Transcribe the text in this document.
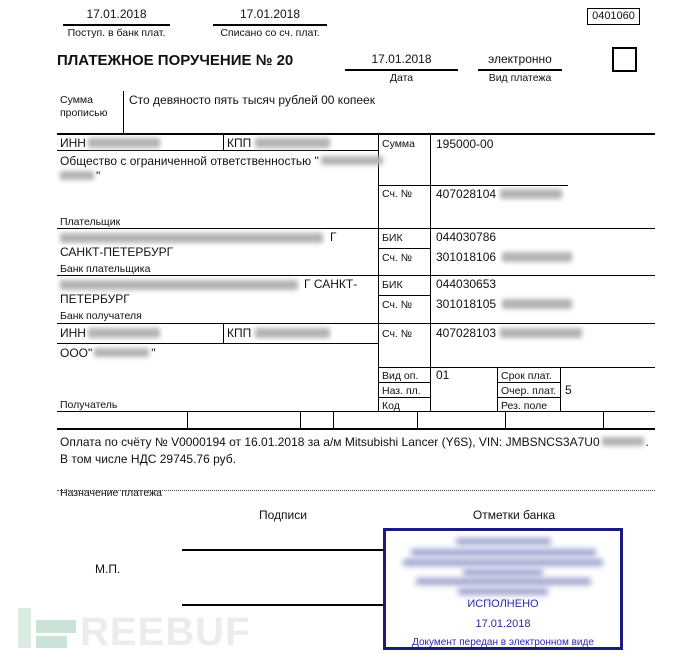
17.01.2018
Поступ. в банк плат.
17.01.2018
Списано со сч. плат.
0401060
ПЛАТЕЖНОЕ ПОРУЧЕНИЕ № 20	17.01.2018
Дата
электронно
Вид платежа
Сумма
прописью
Сто девяносто пять тысяч рублей 00 копеек
ИНН	КПП
Общество с ограниченной ответственностью "
"
Плательщик
Сумма 195000-00
Сч. № 407028104
Г
САНКТ-ПЕТЕРБУРГ
Банк плательщика
БИК	044030786
Сч. № 301018106
Г САНКТ-
ПЕТЕРБУРГ
Банк получателя
БИК	044030653
Сч. № 301018105
ИНН	КПП
ООО"	"
Сч. № 407028103
Получатель
Вид оп. 01	Срок плат.
Наз. пл.	Очер. плат. 5
Код	Рез. поле
Оплата по счёту № V0000194 от 16.01.2018 за а/м Mitsubishi Lancer (Y6S), VIN: JMBSNCS3A7U0	. В том числе НДС 29745.76 руб.
Назначение платежа
Подписи	Отметки банка
М.П.
ИСПОЛНЕНО
17.01.2018
Документ передан в электронном виде
REEBUF
